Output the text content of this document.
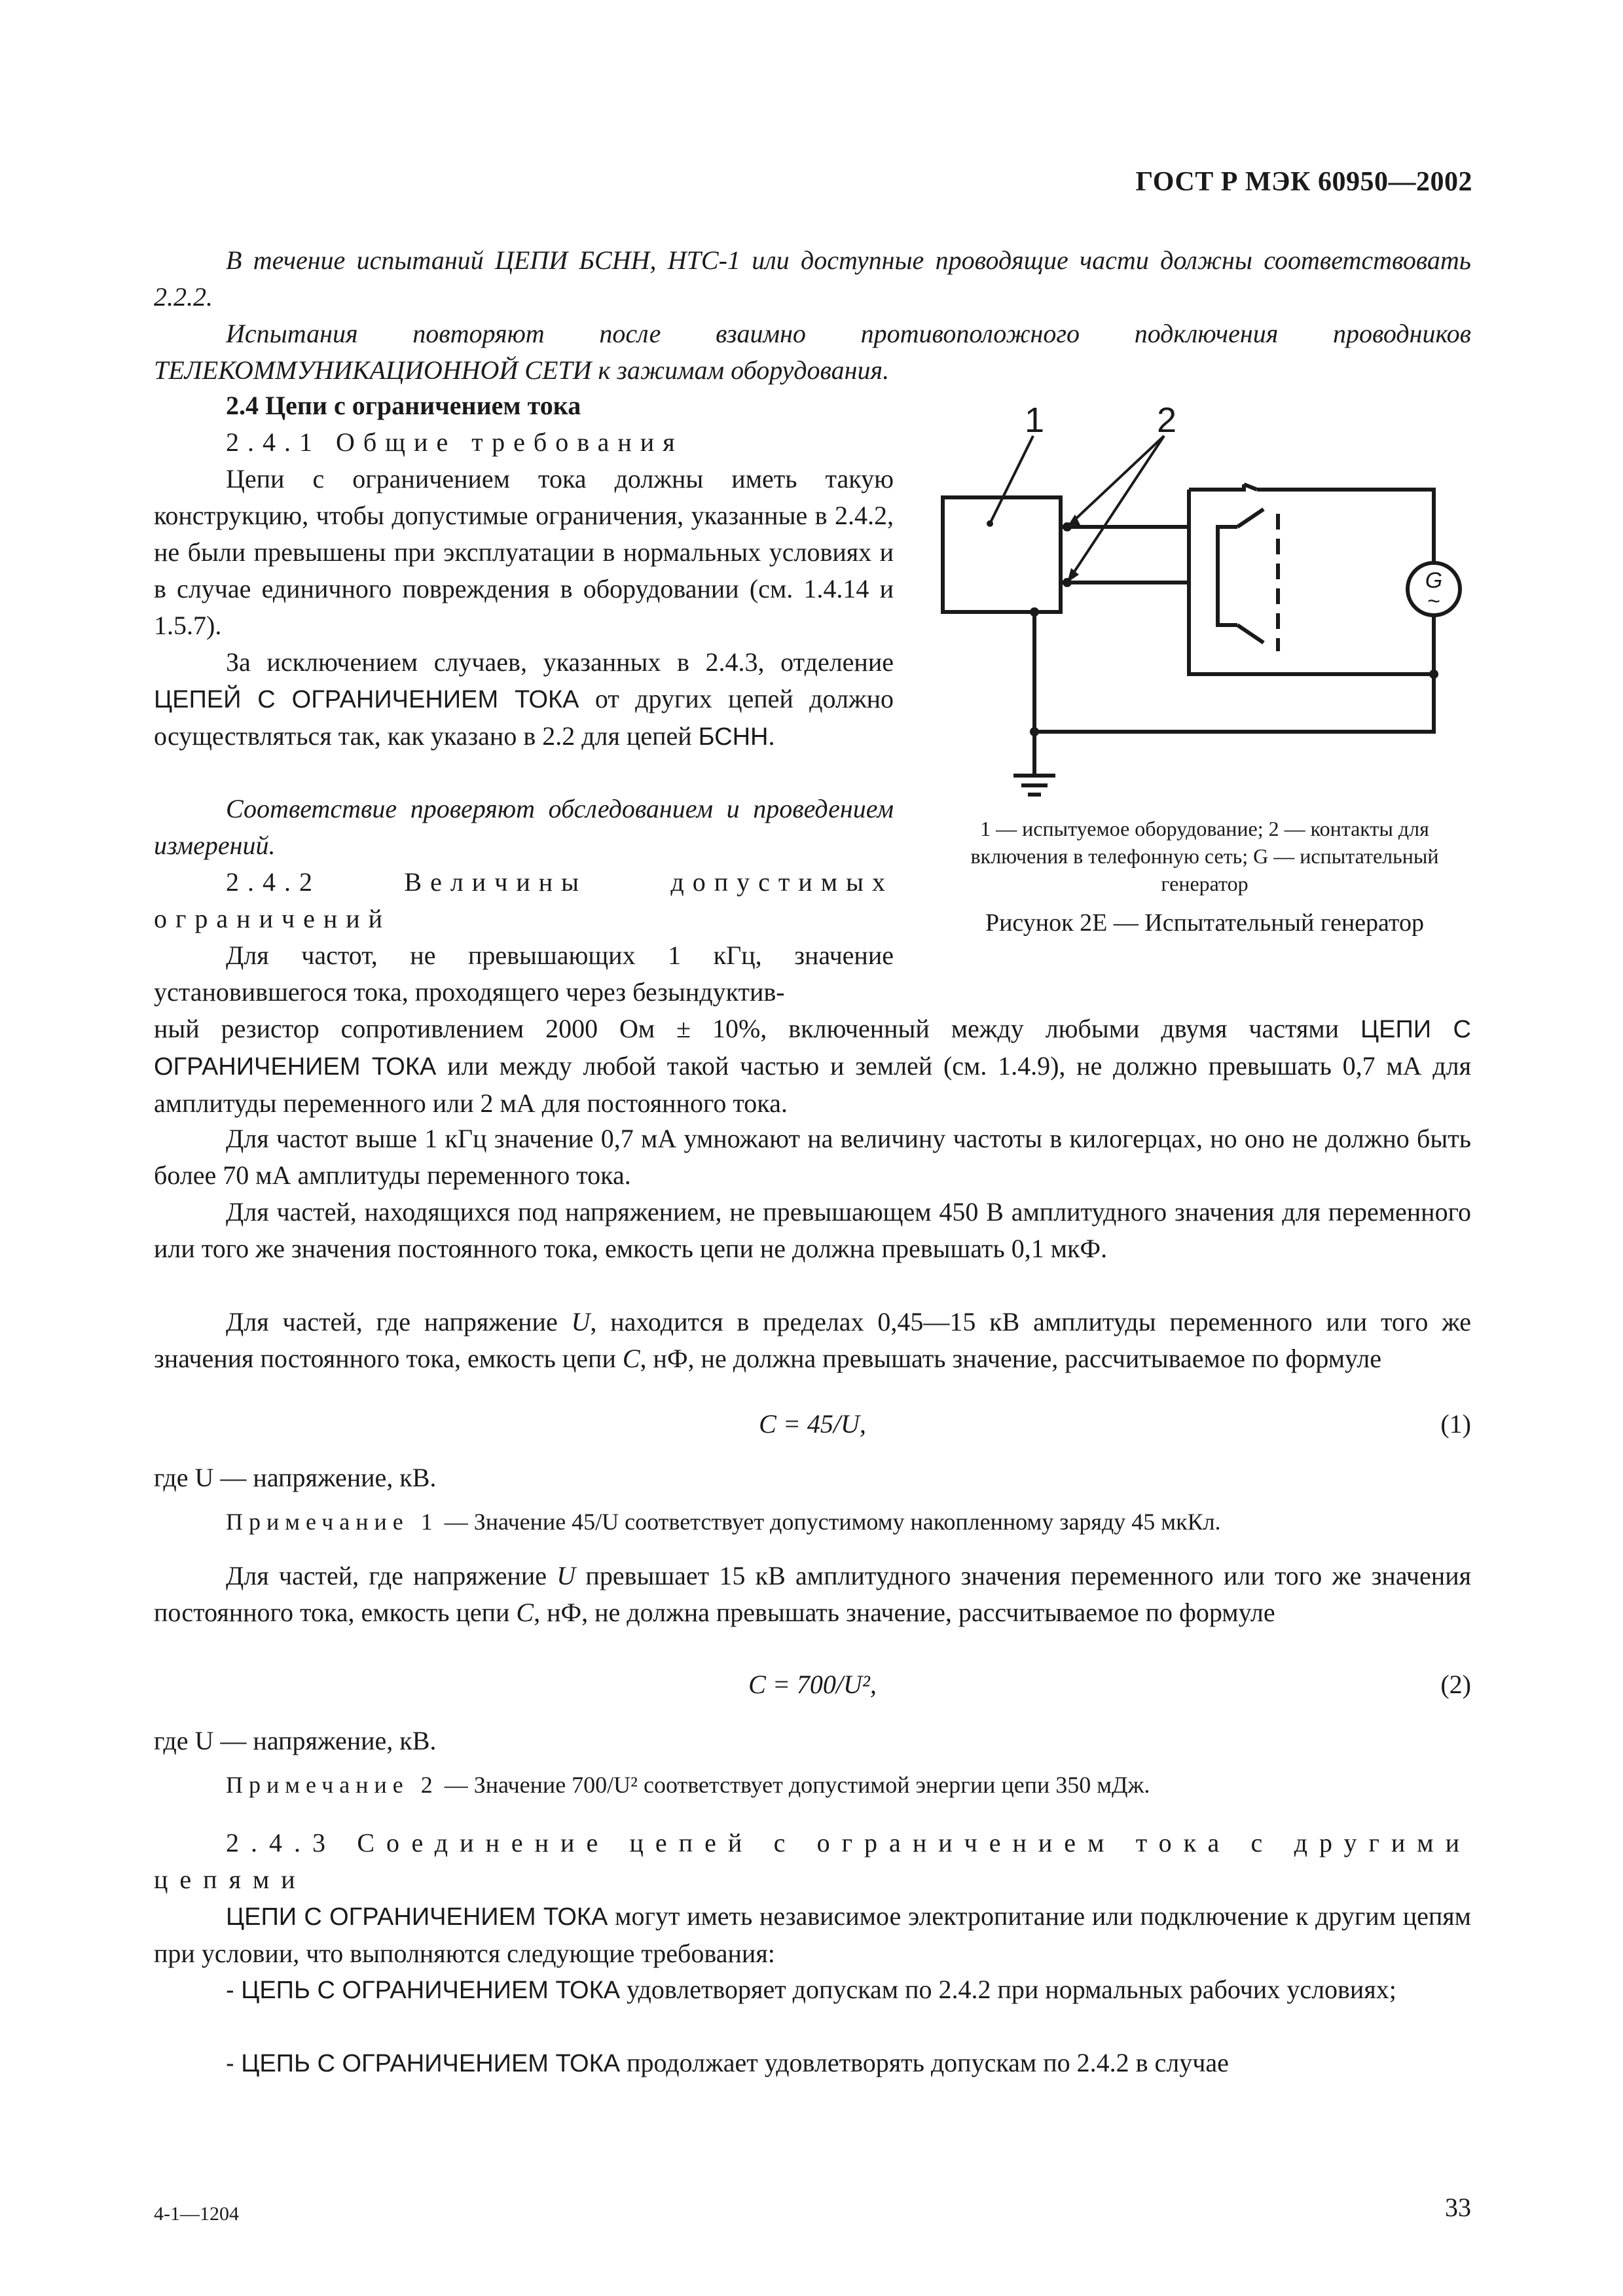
ГОСТ Р МЭК 60950—2002

В течение испытаний ЦЕПИ БСНН, НТС-1 или доступные проводящие части должны соответствовать 2.2.2.

Испытания повторяют после взаимно противоположного подключения проводников ТЕЛЕКОММУНИКАЦИОННОЙ СЕТИ к зажимам оборудования.

2.4 Цепи с ограничением тока

2.4.1 Общие требования

Цепи с ограничением тока должны иметь такую конструкцию, чтобы допустимые ограничения, указанные в 2.4.2, не были превышены при эксплуатации в нормальных условиях и в случае единичного повреждения в оборудовании (см. 1.4.14 и 1.5.7).

За исключением случаев, указанных в 2.4.3, отделение ЦЕПЕЙ С ОГРАНИЧЕНИЕМ ТОКА от других цепей должно осуществляться так, как указано в 2.2 для цепей БСНН.

Соответствие проверяют обследованием и проведением измерений.

2.4.2 Величины допустимых ограничений

Для частот, не превышающих 1 кГц, значение установившегося тока, проходящего через безындуктив-

ный резистор сопротивлением 2000 Ом ± 10%, включенный между любыми двумя частями ЦЕПИ С ОГРАНИЧЕНИЕМ ТОКА или между любой такой частью и землей (см. 1.4.9), не должно превышать 0,7 мА для амплитуды переменного или 2 мА для постоянного тока.

Для частот выше 1 кГц значение 0,7 мА умножают на величину частоты в килогерцах, но оно не должно быть более 70 мА амплитуды переменного тока.

Для частей, находящихся под напряжением, не превышающем 450 В амплитудного значения для переменного или того же значения постоянного тока, емкость цепи не должна превышать 0,1 мкФ.

Для частей, где напряжение U, находится в пределах 0,45—15 кВ амплитуды переменного или того же значения постоянного тока, емкость цепи C, нФ, не должна превышать значение, рассчитываемое по формуле

C = 45/U,	(1)

где U — напряжение, кВ.

Примечание 1 — Значение 45/U соответствует допустимому накопленному заряду 45 мкКл.

Для частей, где напряжение U превышает 15 кВ амплитудного значения переменного или того же значения постоянного тока, емкость цепи C, нФ, не должна превышать значение, рассчитываемое по формуле

C = 700/U²,	(2)

где U — напряжение, кВ.

Примечание 2 — Значение 700/U² соответствует допустимой энергии цепи 350 мДж.

2.4.3 Соединение цепей с ограничением тока с другими цепями

ЦЕПИ С ОГРАНИЧЕНИЕМ ТОКА могут иметь независимое электропитание или подключение к другим цепям при условии, что выполняются следующие требования:

- ЦЕПЬ С ОГРАНИЧЕНИЕМ ТОКА удовлетворяет допускам по 2.4.2 при нормальных рабочих условиях;

- ЦЕПЬ С ОГРАНИЧЕНИЕМ ТОКА продолжает удовлетворять допускам по 2.4.2 в случае

1	2
G
~
1 — испытуемое оборудование; 2 — контакты для включения в телефонную сеть; G — испытательный генератор
Рисунок 2Е — Испытательный генератор
4-1—1204	33
